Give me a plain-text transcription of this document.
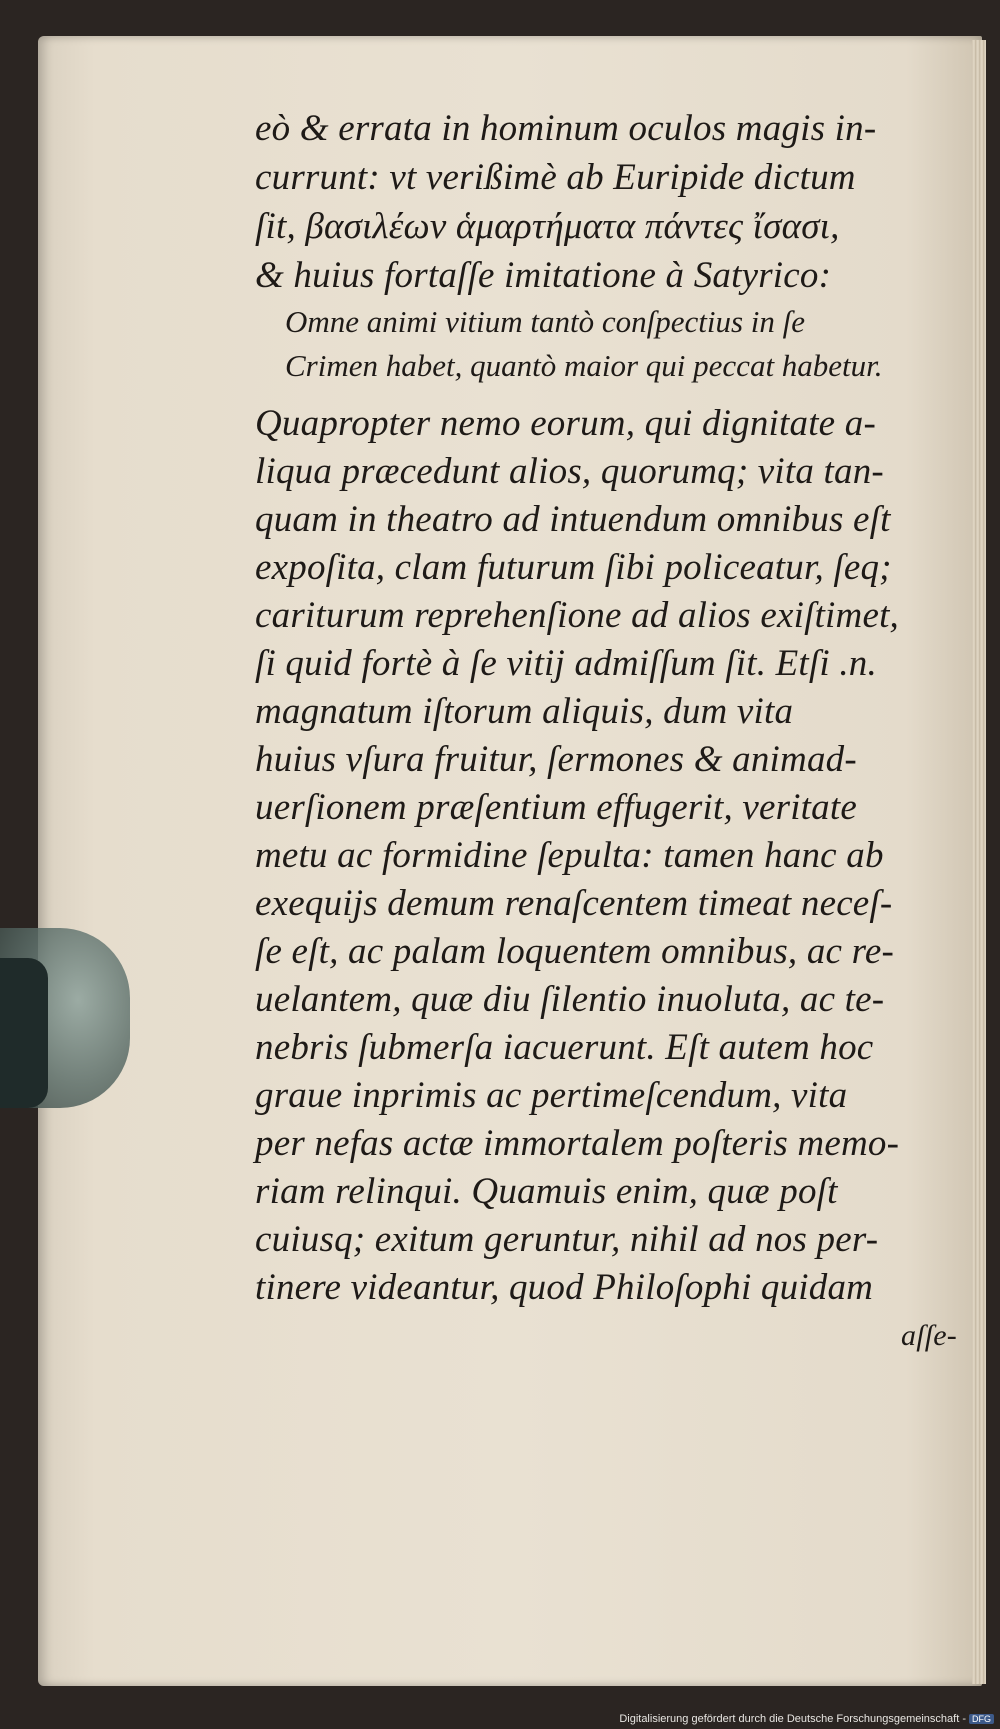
eò & errata in hominum oculos magis in-
currunt: vt verißimè ab Euripide dictum
ſit, βασιλέων ἁμαρτήματα πάντες ἴσασι,
& huius fortaſſe imitatione à Satyrico:
Omne animi vitium tantò conſpectius in ſe
Crimen habet, quantò maior qui peccat habetur.
Quapropter nemo eorum, qui dignitate a-
liqua præcedunt alios, quorumq; vita tan-
quam in theatro ad intuendum omnibus eſt
expoſita, clam futurum ſibi policeatur, ſeq;
cariturum reprehenſione ad alios exiſtimet,
ſi quid fortè à ſe vitij admiſſum ſit. Etſi .n.
magnatum iſtorum aliquis, dum vita
huius vſura fruitur, ſermones & animad-
uerſionem præſentium effugerit, veritate
metu ac formidine ſepulta: tamen hanc ab
exequijs demum renaſcentem timeat neceſ-
ſe eſt, ac palam loquentem omnibus, ac re-
uelantem, quæ diu ſilentio inuoluta, ac te-
nebris ſubmerſa iacuerunt. Eſt autem hoc
graue inprimis ac pertimeſcendum, vita
per nefas actæ immortalem poſteris memo-
riam relinqui. Quamuis enim, quæ poſt
cuiusq; exitum geruntur, nihil ad nos per-
tinere videantur, quod Philoſophi quidam
aſſe-
Digitalisierung gefördert durch die Deutsche Forschungsgemeinschaft - DFG
